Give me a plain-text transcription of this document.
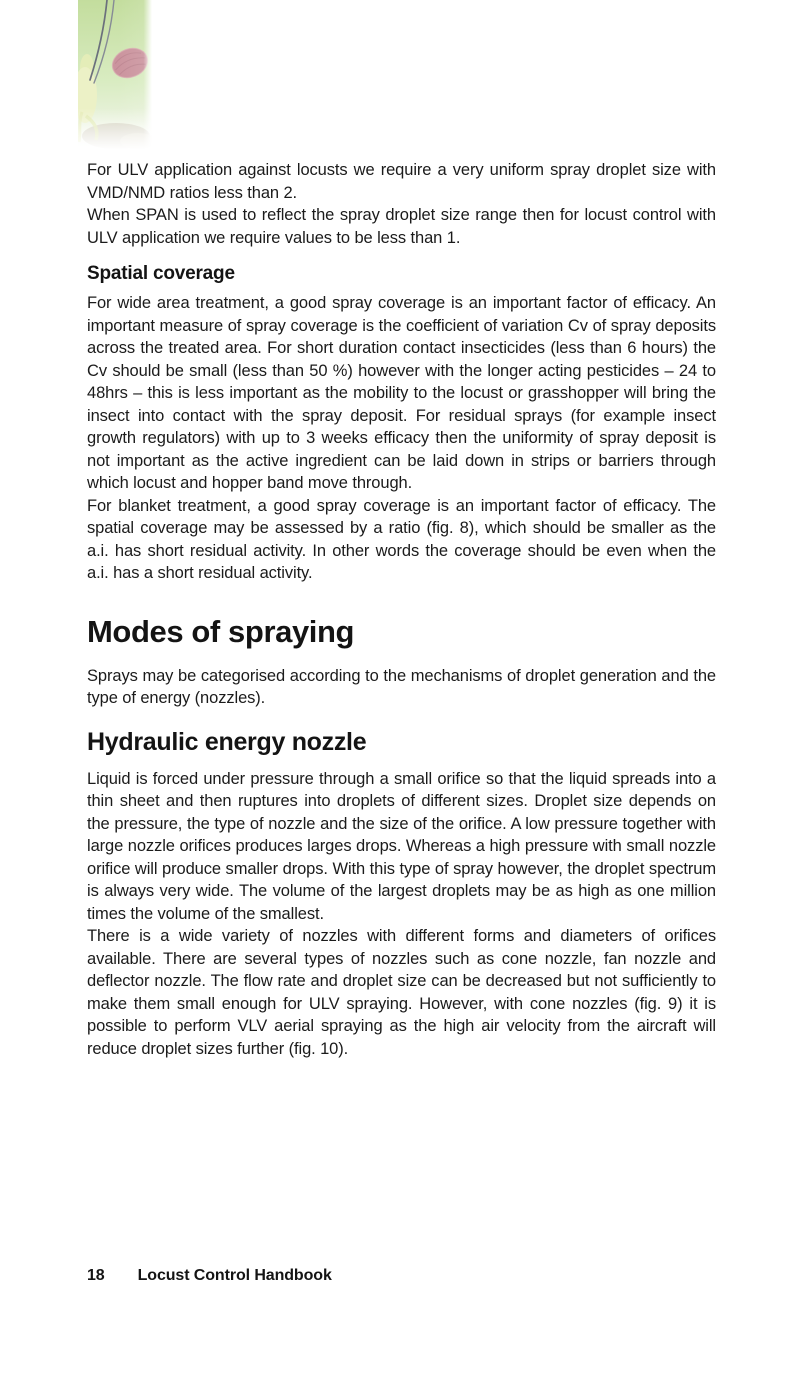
For ULV application against locusts we require a very uniform spray droplet size with VMD/NMD ratios less than 2.

When SPAN is used to reflect the spray droplet size range then for locust control with ULV application we require values to be less than 1.

Spatial coverage

For wide area treatment, a good spray coverage is an important factor of efficacy. An important measure of spray coverage is the coefficient of variation Cv of spray deposits across the treated area. For short duration contact insecticides (less than 6 hours) the Cv should be small (less than 50 %) however with the longer acting pesticides – 24 to 48hrs – this is less important as the mobility to the locust or grasshopper will bring the insect into contact with the spray deposit. For residual sprays (for example insect growth regulators) with up to 3 weeks efficacy then the uniformity of spray deposit is not important as the active ingredient can be laid down in strips or barriers through which locust and hopper band move through.

For blanket treatment, a good spray coverage is an important factor of efficacy. The spatial coverage may be assessed by a ratio (fig. 8), which should be smaller as the a.i. has short residual activity. In other words the coverage should be even when the a.i. has a short residual activity.

Modes of spraying

Sprays may be categorised according to the mechanisms of droplet generation and the type of energy (nozzles).

Hydraulic energy nozzle

Liquid is forced under pressure through a small orifice so that the liquid spreads into a thin sheet and then ruptures into droplets of different sizes. Droplet size depends on the pressure, the type of nozzle and the size of the orifice. A low pressure together with large nozzle orifices produces larges drops. Whereas a high pressure with small nozzle orifice will produce smaller drops. With this type of spray however, the droplet spectrum is always very wide. The volume of the largest droplets may be as high as one million times the volume of the smallest.

There is a wide variety of nozzles with different forms and diameters of orifices available. There are several types of nozzles such as cone nozzle, fan nozzle and deflector nozzle. The flow rate and droplet size can be decreased but not sufficiently to make them small enough for ULV spraying. However, with cone nozzles (fig. 9) it is possible to perform VLV aerial spraying as the high air velocity from the aircraft will reduce droplet sizes further (fig. 10).

18 Locust Control Handbook
